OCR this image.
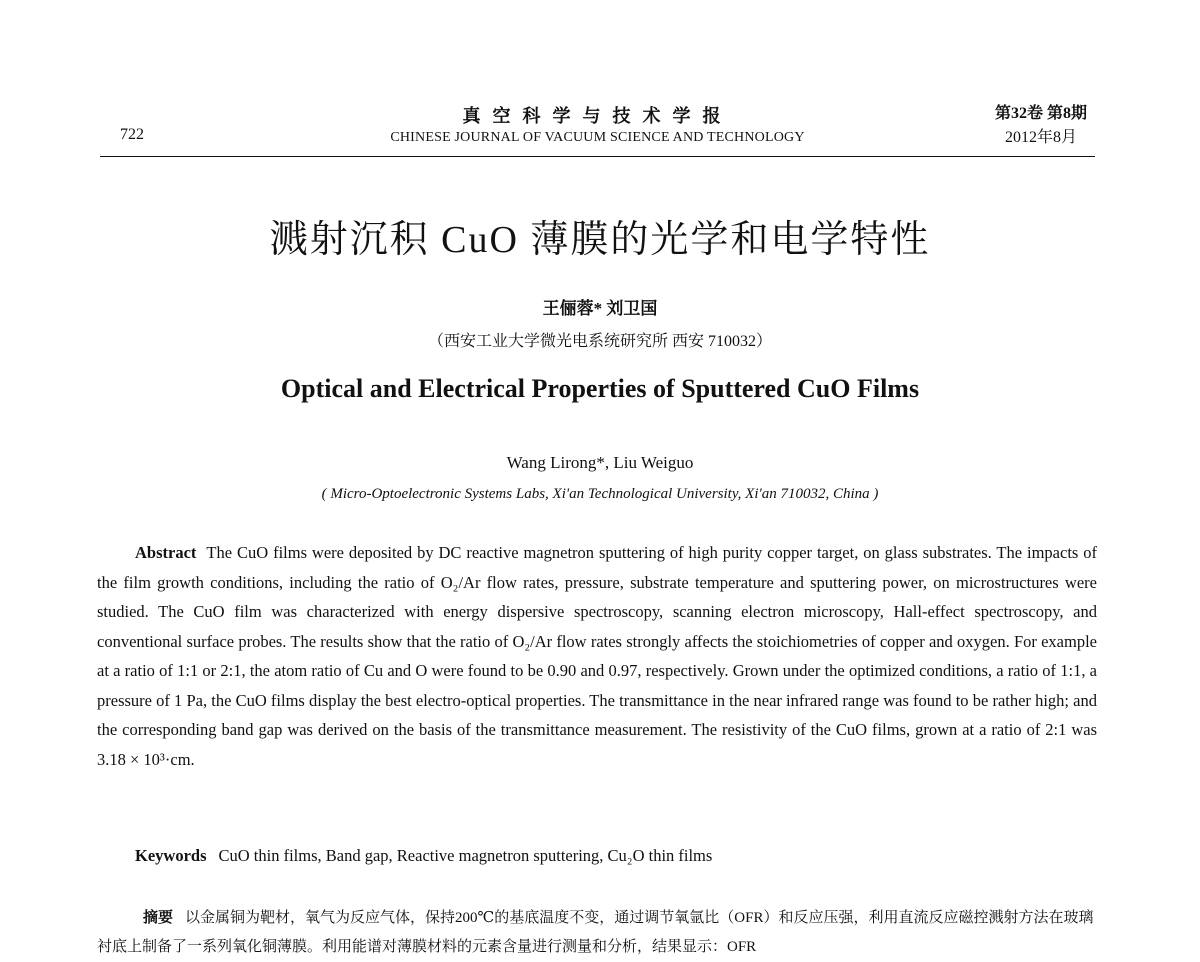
722
真空科学与技术学报
CHINESE JOURNAL OF VACUUM SCIENCE AND TECHNOLOGY
第32卷 第8期
2012年8月
溅射沉积 CuO 薄膜的光学和电学特性
王俪蓉* 刘卫国
（西安工业大学微光电系统研究所 西安 710032）
Optical and Electrical Properties of Sputtered CuO Films
Wang Lirong*, Liu Weiguo
( Micro-Optoelectronic Systems Labs, Xi'an Technological University, Xi'an 710032, China )
Abstract The CuO films were deposited by DC reactive magnetron sputtering of high purity copper target, on glass substrates. The impacts of the film growth conditions, including the ratio of O₂/Ar flow rates, pressure, substrate temperature and sputtering power, on microstructures were studied. The CuO film was characterized with energy dispersive spectroscopy, scanning electron microscopy, Hall-effect spectroscopy, and conventional surface probes. The results show that the ratio of O₂/Ar flow rates strongly affects the stoichiometries of copper and oxygen. For example at a ratio of 1:1 or 2:1, the atom ratio of Cu and O were found to be 0.90 and 0.97, respectively. Grown under the optimized conditions, a ratio of 1:1, a pressure of 1 Pa, the CuO films display the best electro-optical properties. The transmittance in the near infrared range was found to be rather high; and the corresponding band gap was derived on the basis of the transmittance measurement. The resistivity of the CuO films, grown at a ratio of 2:1 was 3.18 × 10³·cm.
Keywords CuO thin films, Band gap, Reactive magnetron sputtering, Cu₂O thin films
摘要 以金属铜为靶材，氧气为反应气体，保持200℃的基底温度不变，通过调节氧氩比（OFR）和反应压强，利用直流反应磁控溅射方法在玻璃衬底上制备了一系列氧化铜薄膜。利用能谱对薄膜材料的元素含量进行测量和分析，结果显示：OFR
